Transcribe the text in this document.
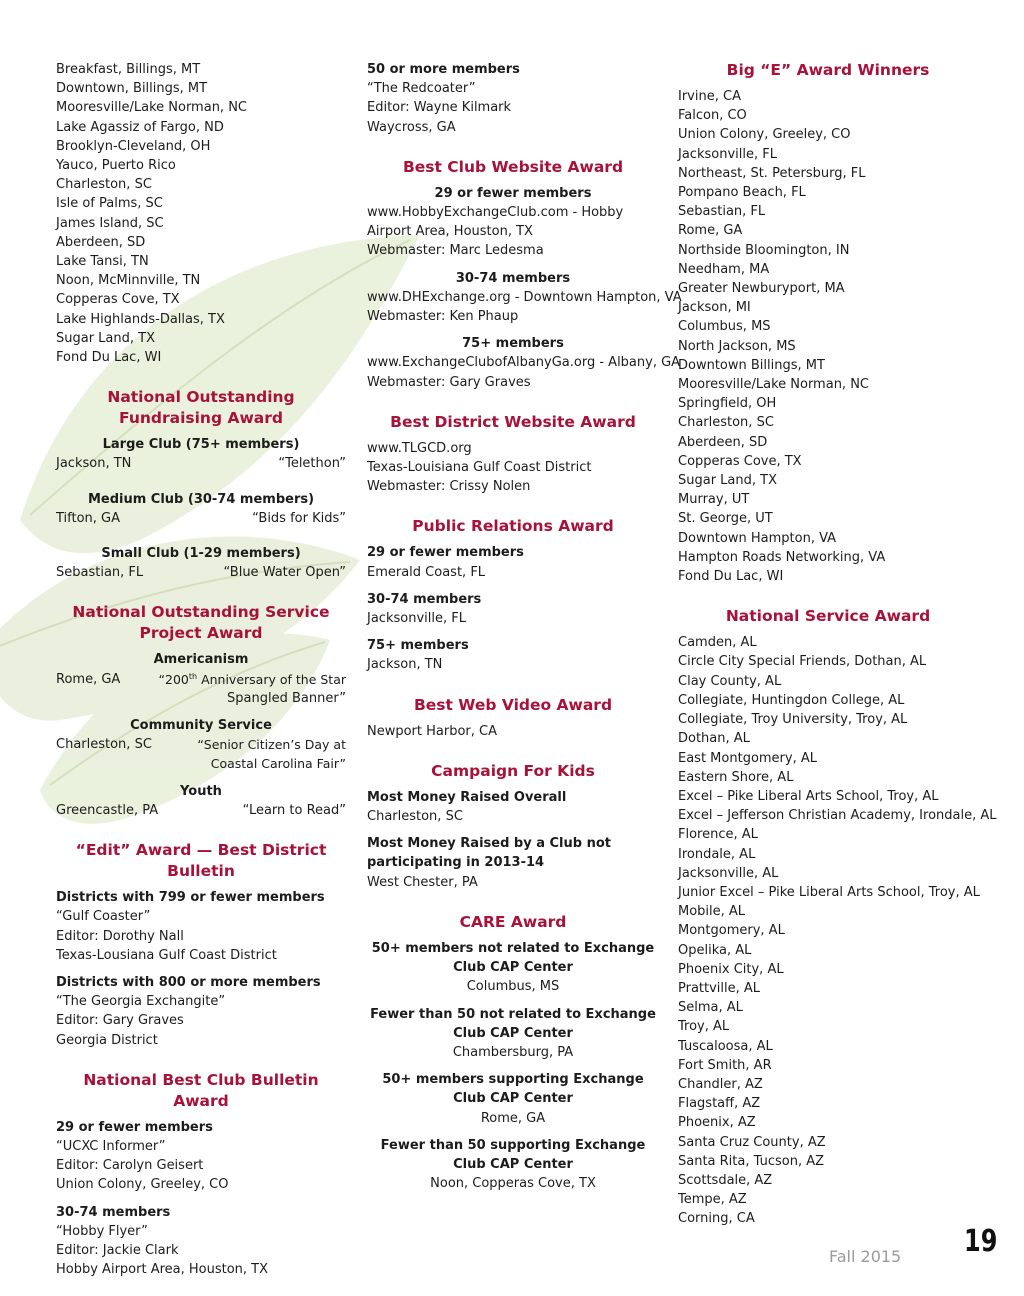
Breakfast, Billings, MT
Downtown, Billings, MT
Mooresville/Lake Norman, NC
Lake Agassiz of Fargo, ND
Brooklyn-Cleveland, OH
Yauco, Puerto Rico
Charleston, SC
Isle of Palms, SC
James Island, SC
Aberdeen, SD
Lake Tansi, TN
Noon, McMinnville, TN
Copperas Cove, TX
Lake Highlands-Dallas, TX
Sugar Land, TX
Fond Du Lac, WI
National Outstanding Fundraising Award
Large Club (75+ members)
Jackson, TN	“Telethon”
Medium Club (30-74 members)
Tifton, GA	“Bids for Kids”
Small Club (1-29 members)
Sebastian, FL	“Blue Water Open”
National Outstanding Service Project Award
Americanism
Rome, GA	“200th Anniversary of the Star
Spangled Banner”
Community Service
Charleston, SC	“Senior Citizen’s Day at
Coastal Carolina Fair”
Youth
Greencastle, PA	“Learn to Read”
“Edit” Award — Best District Bulletin
Districts with 799 or fewer members
“Gulf Coaster”
Editor: Dorothy Nall
Texas-Lousiana Gulf Coast District
Districts with 800 or more members
“The Georgia Exchangite”
Editor: Gary Graves
Georgia District
National Best Club Bulletin Award
29 or fewer members
“UCXC Informer”
Editor: Carolyn Geisert
Union Colony, Greeley, CO
30-74 members
“Hobby Flyer”
Editor: Jackie Clark
Hobby Airport Area, Houston, TX
50 or more members
“The Redcoater”
Editor: Wayne Kilmark
Waycross, GA
Best Club Website Award
29 or fewer members
www.HobbyExchangeClub.com - Hobby
Airport Area, Houston, TX
Webmaster: Marc Ledesma
30-74 members
www.DHExchange.org - Downtown Hampton, VA
Webmaster: Ken Phaup
75+ members
www.ExchangeClubofAlbanyGa.org - Albany, GA
Webmaster: Gary Graves
Best District Website Award
www.TLGCD.org
Texas-Louisiana Gulf Coast District
Webmaster: Crissy Nolen
Public Relations Award
29 or fewer members
Emerald Coast, FL
30-74 members
Jacksonville, FL
75+ members
Jackson, TN
Best Web Video Award
Newport Harbor, CA
Campaign For Kids
Most Money Raised Overall
Charleston, SC
Most Money Raised by a Club not participating in 2013-14
West Chester, PA
CARE Award
50+ members not related to Exchange Club CAP Center
Columbus, MS
Fewer than 50 not related to Exchange Club CAP Center
Chambersburg, PA
50+ members supporting Exchange Club CAP Center
Rome, GA
Fewer than 50 supporting Exchange Club CAP Center
Noon, Copperas Cove, TX
Big “E” Award Winners
Irvine, CA
Falcon, CO
Union Colony, Greeley, CO
Jacksonville, FL
Northeast, St. Petersburg, FL
Pompano Beach, FL
Sebastian, FL
Rome, GA
Northside Bloomington, IN
Needham, MA
Greater Newburyport, MA
Jackson, MI
Columbus, MS
North Jackson, MS
Downtown Billings, MT
Mooresville/Lake Norman, NC
Springfield, OH
Charleston, SC
Aberdeen, SD
Copperas Cove, TX
Sugar Land, TX
Murray, UT
St. George, UT
Downtown Hampton, VA
Hampton Roads Networking, VA
Fond Du Lac, WI
National Service Award
Camden, AL
Circle City Special Friends, Dothan, AL
Clay County, AL
Collegiate, Huntingdon College, AL
Collegiate, Troy University, Troy, AL
Dothan, AL
East Montgomery, AL
Eastern Shore, AL
Excel – Pike Liberal Arts School, Troy, AL
Excel – Jefferson Christian Academy, Irondale, AL
Florence, AL
Irondale, AL
Jacksonville, AL
Junior Excel – Pike Liberal Arts School, Troy, AL
Mobile, AL
Montgomery, AL
Opelika, AL
Phoenix City, AL
Prattville, AL
Selma, AL
Troy, AL
Tuscaloosa, AL
Fort Smith, AR
Chandler, AZ
Flagstaff, AZ
Phoenix, AZ
Santa Cruz County, AZ
Santa Rita, Tucson, AZ
Scottsdale, AZ
Tempe, AZ
Corning, CA
Fall 2015 19
